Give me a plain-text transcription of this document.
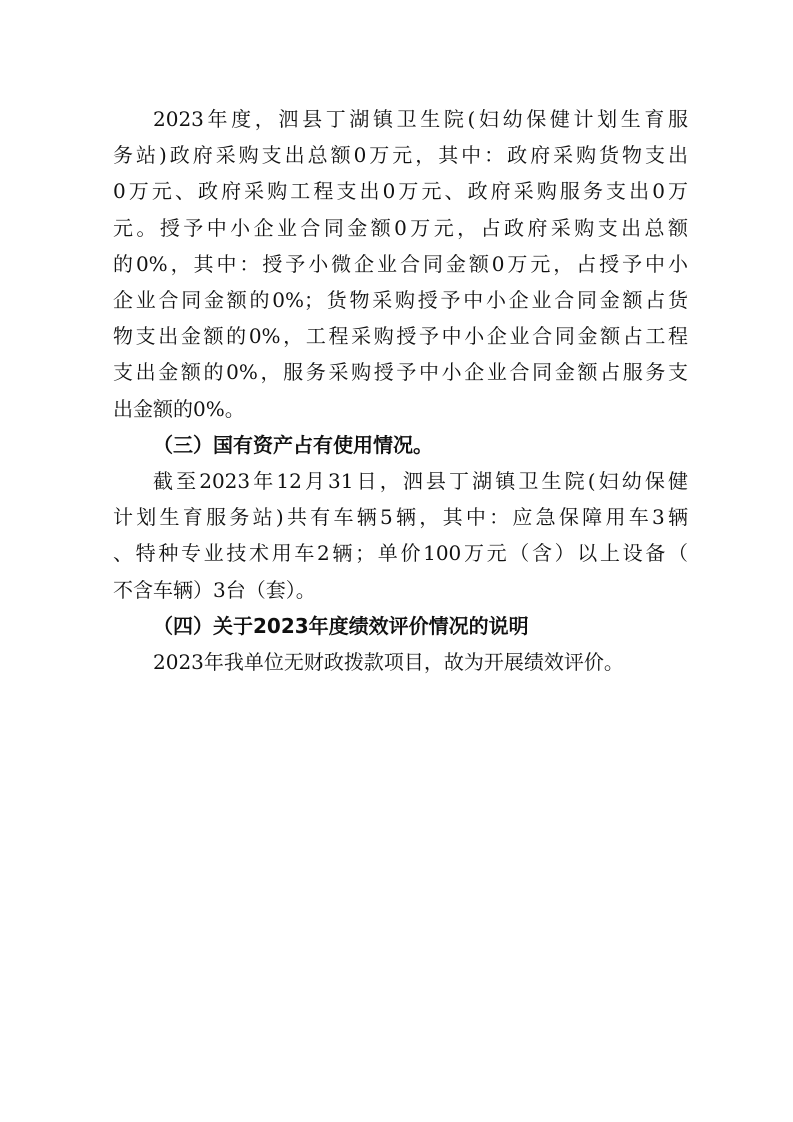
2023年度，泗县丁湖镇卫生院(妇幼保健计划生育服
务站)政府采购支出总额0万元，其中：政府采购货物支出
0万元、政府采购工程支出0万元、政府采购服务支出0万
元。授予中小企业合同金额0万元，占政府采购支出总额
的0%，其中：授予小微企业合同金额0万元，占授予中小
企业合同金额的0%；货物采购授予中小企业合同金额占货
物支出金额的0%，工程采购授予中小企业合同金额占工程
支出金额的0%，服务采购授予中小企业合同金额占服务支
出金额的0%。
（三）国有资产占有使用情况。
截至2023年12月31日，泗县丁湖镇卫生院(妇幼保健
计划生育服务站)共有车辆5辆，其中：应急保障用车3辆
、特种专业技术用车2辆；单价100万元（含）以上设备（
不含车辆）3台（套）。
（四）关于2023年度绩效评价情况的说明
2023年我单位无财政拨款项目，故为开展绩效评价。
